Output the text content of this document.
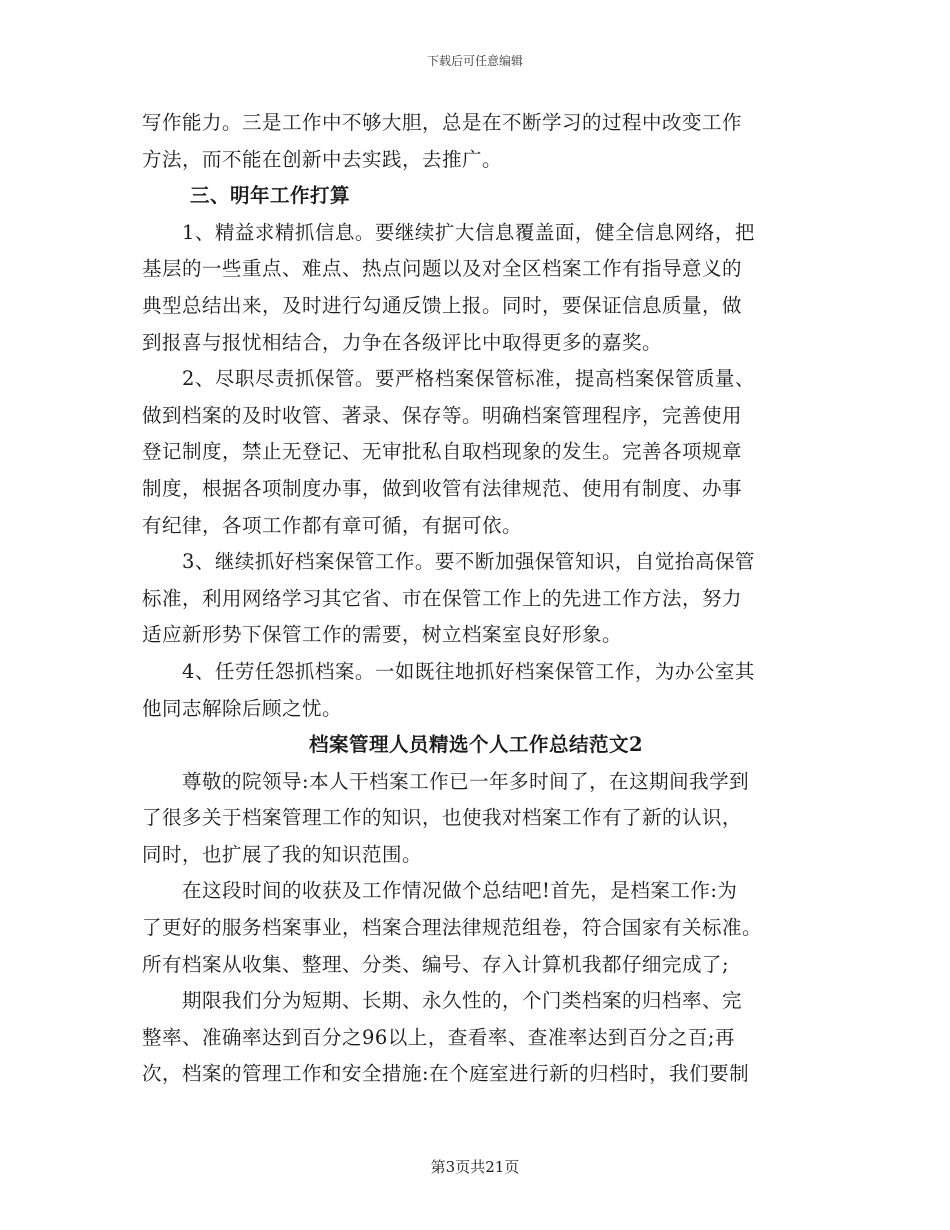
下载后可任意编辑
写作能力。三是工作中不够大胆，总是在不断学习的过程中改变工作
方法，而不能在创新中去实践，去推广。
三、明年工作打算
1、精益求精抓信息。要继续扩大信息覆盖面，健全信息网络，把
基层的一些重点、难点、热点问题以及对全区档案工作有指导意义的
典型总结出来，及时进行勾通反馈上报。同时，要保证信息质量，做
到报喜与报忧相结合，力争在各级评比中取得更多的嘉奖。
2、尽职尽责抓保管。要严格档案保管标准，提高档案保管质量、
做到档案的及时收管、著录、保存等。明确档案管理程序，完善使用
登记制度，禁止无登记、无审批私自取档现象的发生。完善各项规章
制度，根据各项制度办事，做到收管有法律规范、使用有制度、办事
有纪律，各项工作都有章可循，有据可依。
3、继续抓好档案保管工作。要不断加强保管知识，自觉抬高保管
标准，利用网络学习其它省、市在保管工作上的先进工作方法，努力
适应新形势下保管工作的需要，树立档案室良好形象。
4、任劳任怨抓档案。一如既往地抓好档案保管工作，为办公室其
他同志解除后顾之忧。
档案管理人员精选个人工作总结范文2
尊敬的院领导:本人干档案工作已一年多时间了，在这期间我学到
了很多关于档案管理工作的知识，也使我对档案工作有了新的认识，
同时，也扩展了我的知识范围。
在这段时间的收获及工作情况做个总结吧!首先，是档案工作:为
了更好的服务档案事业，档案合理法律规范组卷，符合国家有关标准。
所有档案从收集、整理、分类、编号、存入计算机我都仔细完成了;
期限我们分为短期、长期、永久性的，个门类档案的归档率、完
整率、准确率达到百分之96以上，查看率、查准率达到百分之百;再
次，档案的管理工作和安全措施:在个庭室进行新的归档时，我们要制
第3页共21页
